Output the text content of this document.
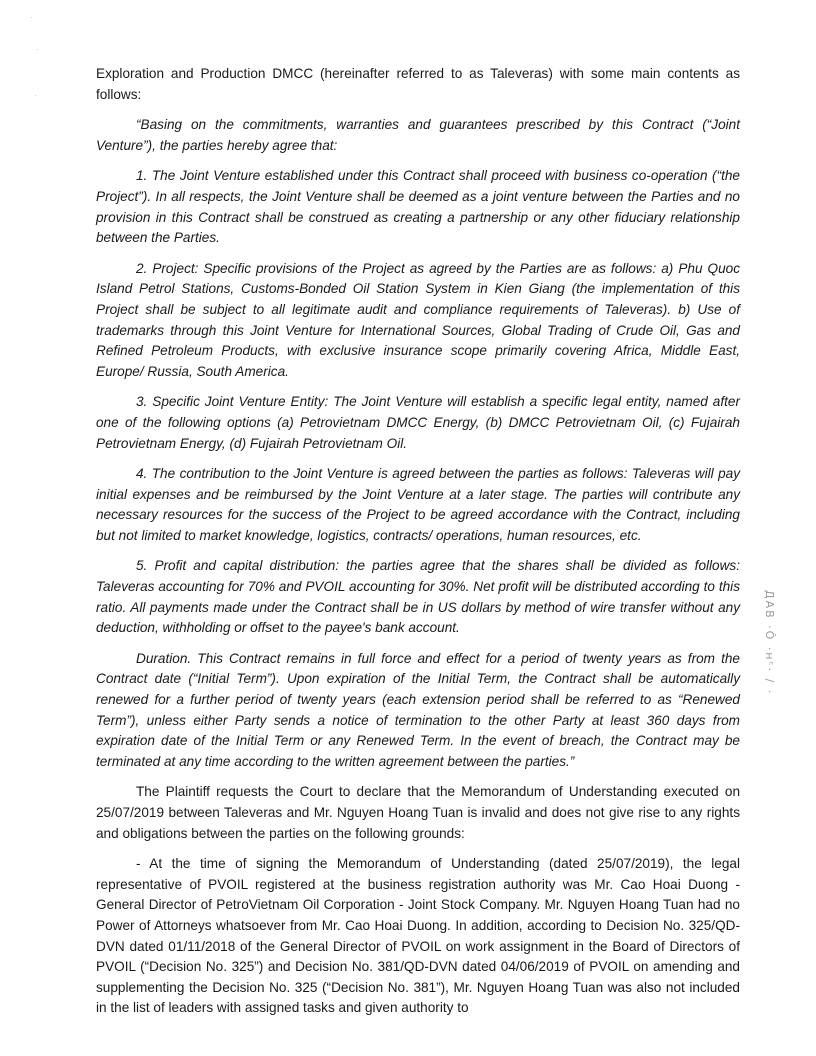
·
·
·

Exploration and Production DMCC (hereinafter referred to as Taleveras) with some main contents as follows:

“Basing on the commitments, warranties and guarantees prescribed by this Contract (“Joint Venture”), the parties hereby agree that:

1. The Joint Venture established under this Contract shall proceed with business co-operation (“the Project”). In all respects, the Joint Venture shall be deemed as a joint venture between the Parties and no provision in this Contract shall be construed as creating a partnership or any other fiduciary relationship between the Parties.

2. Project: Specific provisions of the Project as agreed by the Parties are as follows: a) Phu Quoc Island Petrol Stations, Customs-Bonded Oil Station System in Kien Giang (the implementation of this Project shall be subject to all legitimate audit and compliance requirements of Taleveras). b) Use of trademarks through this Joint Venture for International Sources, Global Trading of Crude Oil, Gas and Refined Petroleum Products, with exclusive insurance scope primarily covering Africa, Middle East, Europe/ Russia, South America.

3. Specific Joint Venture Entity: The Joint Venture will establish a specific legal entity, named after one of the following options (a) Petrovietnam DMCC Energy, (b) DMCC Petrovietnam Oil, (c) Fujairah Petrovietnam Energy, (d) Fujairah Petrovietnam Oil.

4. The contribution to the Joint Venture is agreed between the parties as follows: Taleveras will pay initial expenses and be reimbursed by the Joint Venture at a later stage. The parties will contribute any necessary resources for the success of the Project to be agreed accordance with the Contract, including but not limited to market knowledge, logistics, contracts/ operations, human resources, etc.

5. Profit and capital distribution: the parties agree that the shares shall be divided as follows: Taleveras accounting for 70% and PVOIL accounting for 30%. Net profit will be distributed according to this ratio. All payments made under the Contract shall be in US dollars by method of wire transfer without any deduction, withholding or offset to the payee's bank account.

Duration. This Contract remains in full force and effect for a period of twenty years as from the Contract date (“Initial Term”). Upon expiration of the Initial Term, the Contract shall be automatically renewed for a further period of twenty years (each extension period shall be referred to as “Renewed Term”), unless either Party sends a notice of termination to the other Party at least 360 days from expiration date of the Initial Term or any Renewed Term. In the event of breach, the Contract may be terminated at any time according to the written agreement between the parties.”

The Plaintiff requests the Court to declare that the Memorandum of Understanding executed on 25/07/2019 between Taleveras and Mr. Nguyen Hoang Tuan is invalid and does not give rise to any rights and obligations between the parties on the following grounds:

- At the time of signing the Memorandum of Understanding (dated 25/07/2019), the legal representative of PVOIL registered at the business registration authority was Mr. Cao Hoai Duong - General Director of PetroVietnam Oil Corporation - Joint Stock Company. Mr. Nguyen Hoang Tuan had no Power of Attorneys whatsoever from Mr. Cao Hoai Duong. In addition, according to Decision No. 325/QD-DVN dated 01/11/2018 of the General Director of PVOIL on work assignment in the Board of Directors of PVOIL (“Decision No. 325”) and Decision No. 381/QD-DVN dated 04/06/2019 of PVOIL on amending and supplementing the Decision No. 325 (“Decision No. 381”), Mr. Nguyen Hoang Tuan was also not included in the list of leaders with assigned tasks and given authority to

ДАВ ·Ô ·нᶜ· / ·
